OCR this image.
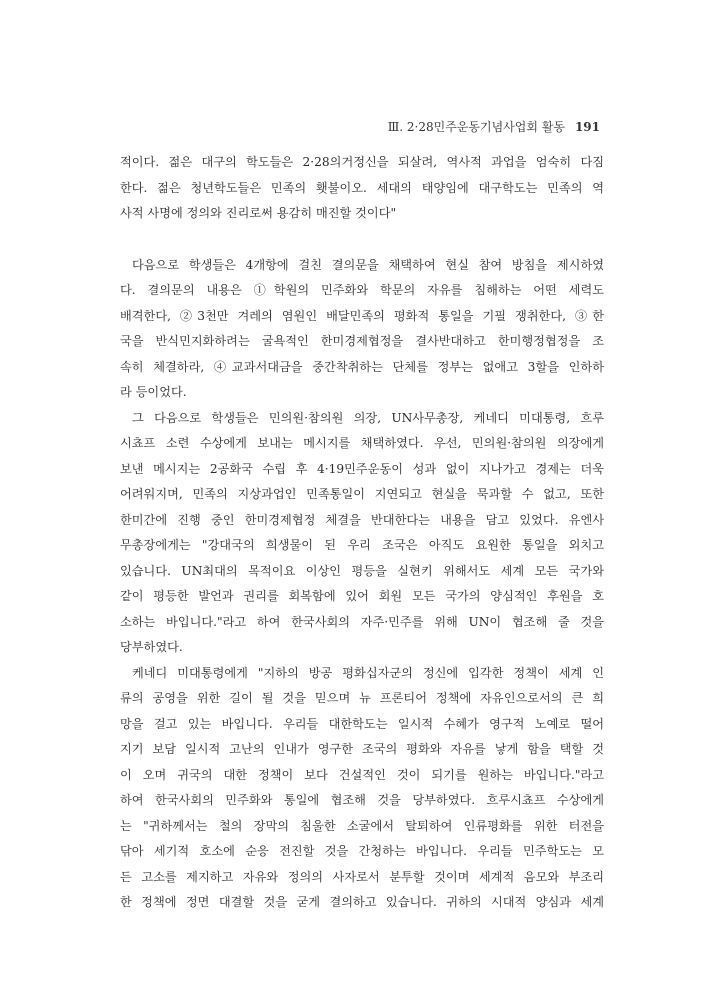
Ⅲ. 2·28민주운동기념사업회 활동 191
적이다. 젊은 대구의 학도들은 2·28의거정신을 되살려, 역사적 과업을 엄숙히 다짐
한다. 젊은 청년학도들은 민족의 횃불이오. 세대의 태양임에 대구학도는 민족의 역
사적 사명에 정의와 진리로써 용감히 매진할 것이다"
다음으로 학생들은 4개항에 걸친 결의문을 채택하여 현실 참여 방침을 제시하였
다. 결의문의 내용은 ①학원의 민주화와 학문의 자유를 침해하는 어떤 세력도
배격한다, ②3천만 겨레의 염원인 배달민족의 평화적 통일을 기필 쟁취한다, ③한
국을 반식민지화하려는 굴욕적인 한미경제협정을 결사반대하고 한미행정협정을 조
속히 체결하라, ④교과서대금을 중간착취하는 단체를 정부는 없애고 3할을 인하하
라 등이었다.
그 다음으로 학생들은 민의원·참의원 의장, UN사무총장, 케네디 미대통령, 흐루
시쵸프 소련 수상에게 보내는 메시지를 채택하였다. 우선, 민의원·참의원 의장에게
보낸 메시지는 2공화국 수립 후 4·19민주운동이 성과 없이 지나가고 경제는 더욱
어려워지며, 민족의 지상과업인 민족통일이 지연되고 현실을 묵과할 수 없고, 또한
한미간에 진행 중인 한미경제협정 체결을 반대한다는 내용을 담고 있었다. 유엔사
무총장에게는 "강대국의 희생물이 된 우리 조국은 아직도 요원한 통일을 외치고
있습니다. UN최대의 목적이요 이상인 평등을 실현키 위해서도 세계 모든 국가와
같이 평등한 발언과 권리를 회복함에 있어 회원 모든 국가의 양심적인 후원을 호
소하는 바입니다."라고 하여 한국사회의 자주·민주를 위해 UN이 협조해 줄 것을
당부하였다.
케네디 미대통령에게 "지하의 방공 평화십자군의 정신에 입각한 정책이 세계 인
류의 공영을 위한 길이 될 것을 믿으며 뉴 프론티어 정책에 자유인으로서의 큰 희
망을 걸고 있는 바입니다. 우리들 대한학도는 일시적 수혜가 영구적 노예로 떨어
지기 보담 일시적 고난의 인내가 영구한 조국의 평화와 자유를 낳게 함을 택할 것
이 오며 귀국의 대한 정책이 보다 건설적인 것이 되기를 원하는 바입니다."라고
하여 한국사회의 민주화와 통일에 협조해 것을 당부하였다. 흐루시쵸프 수상에게
는 "귀하께서는 철의 장막의 침울한 소굴에서 탈퇴하여 인류평화를 위한 터전을
닦아 세기적 호소에 순응 전진할 것을 간청하는 바입니다. 우리들 민주학도는 모
든 고소를 제지하고 자유와 정의의 사자로서 분투할 것이며 세계적 음모와 부조리
한 정책에 정면 대결할 것을 굳게 결의하고 있습니다. 귀하의 시대적 양심과 세계
